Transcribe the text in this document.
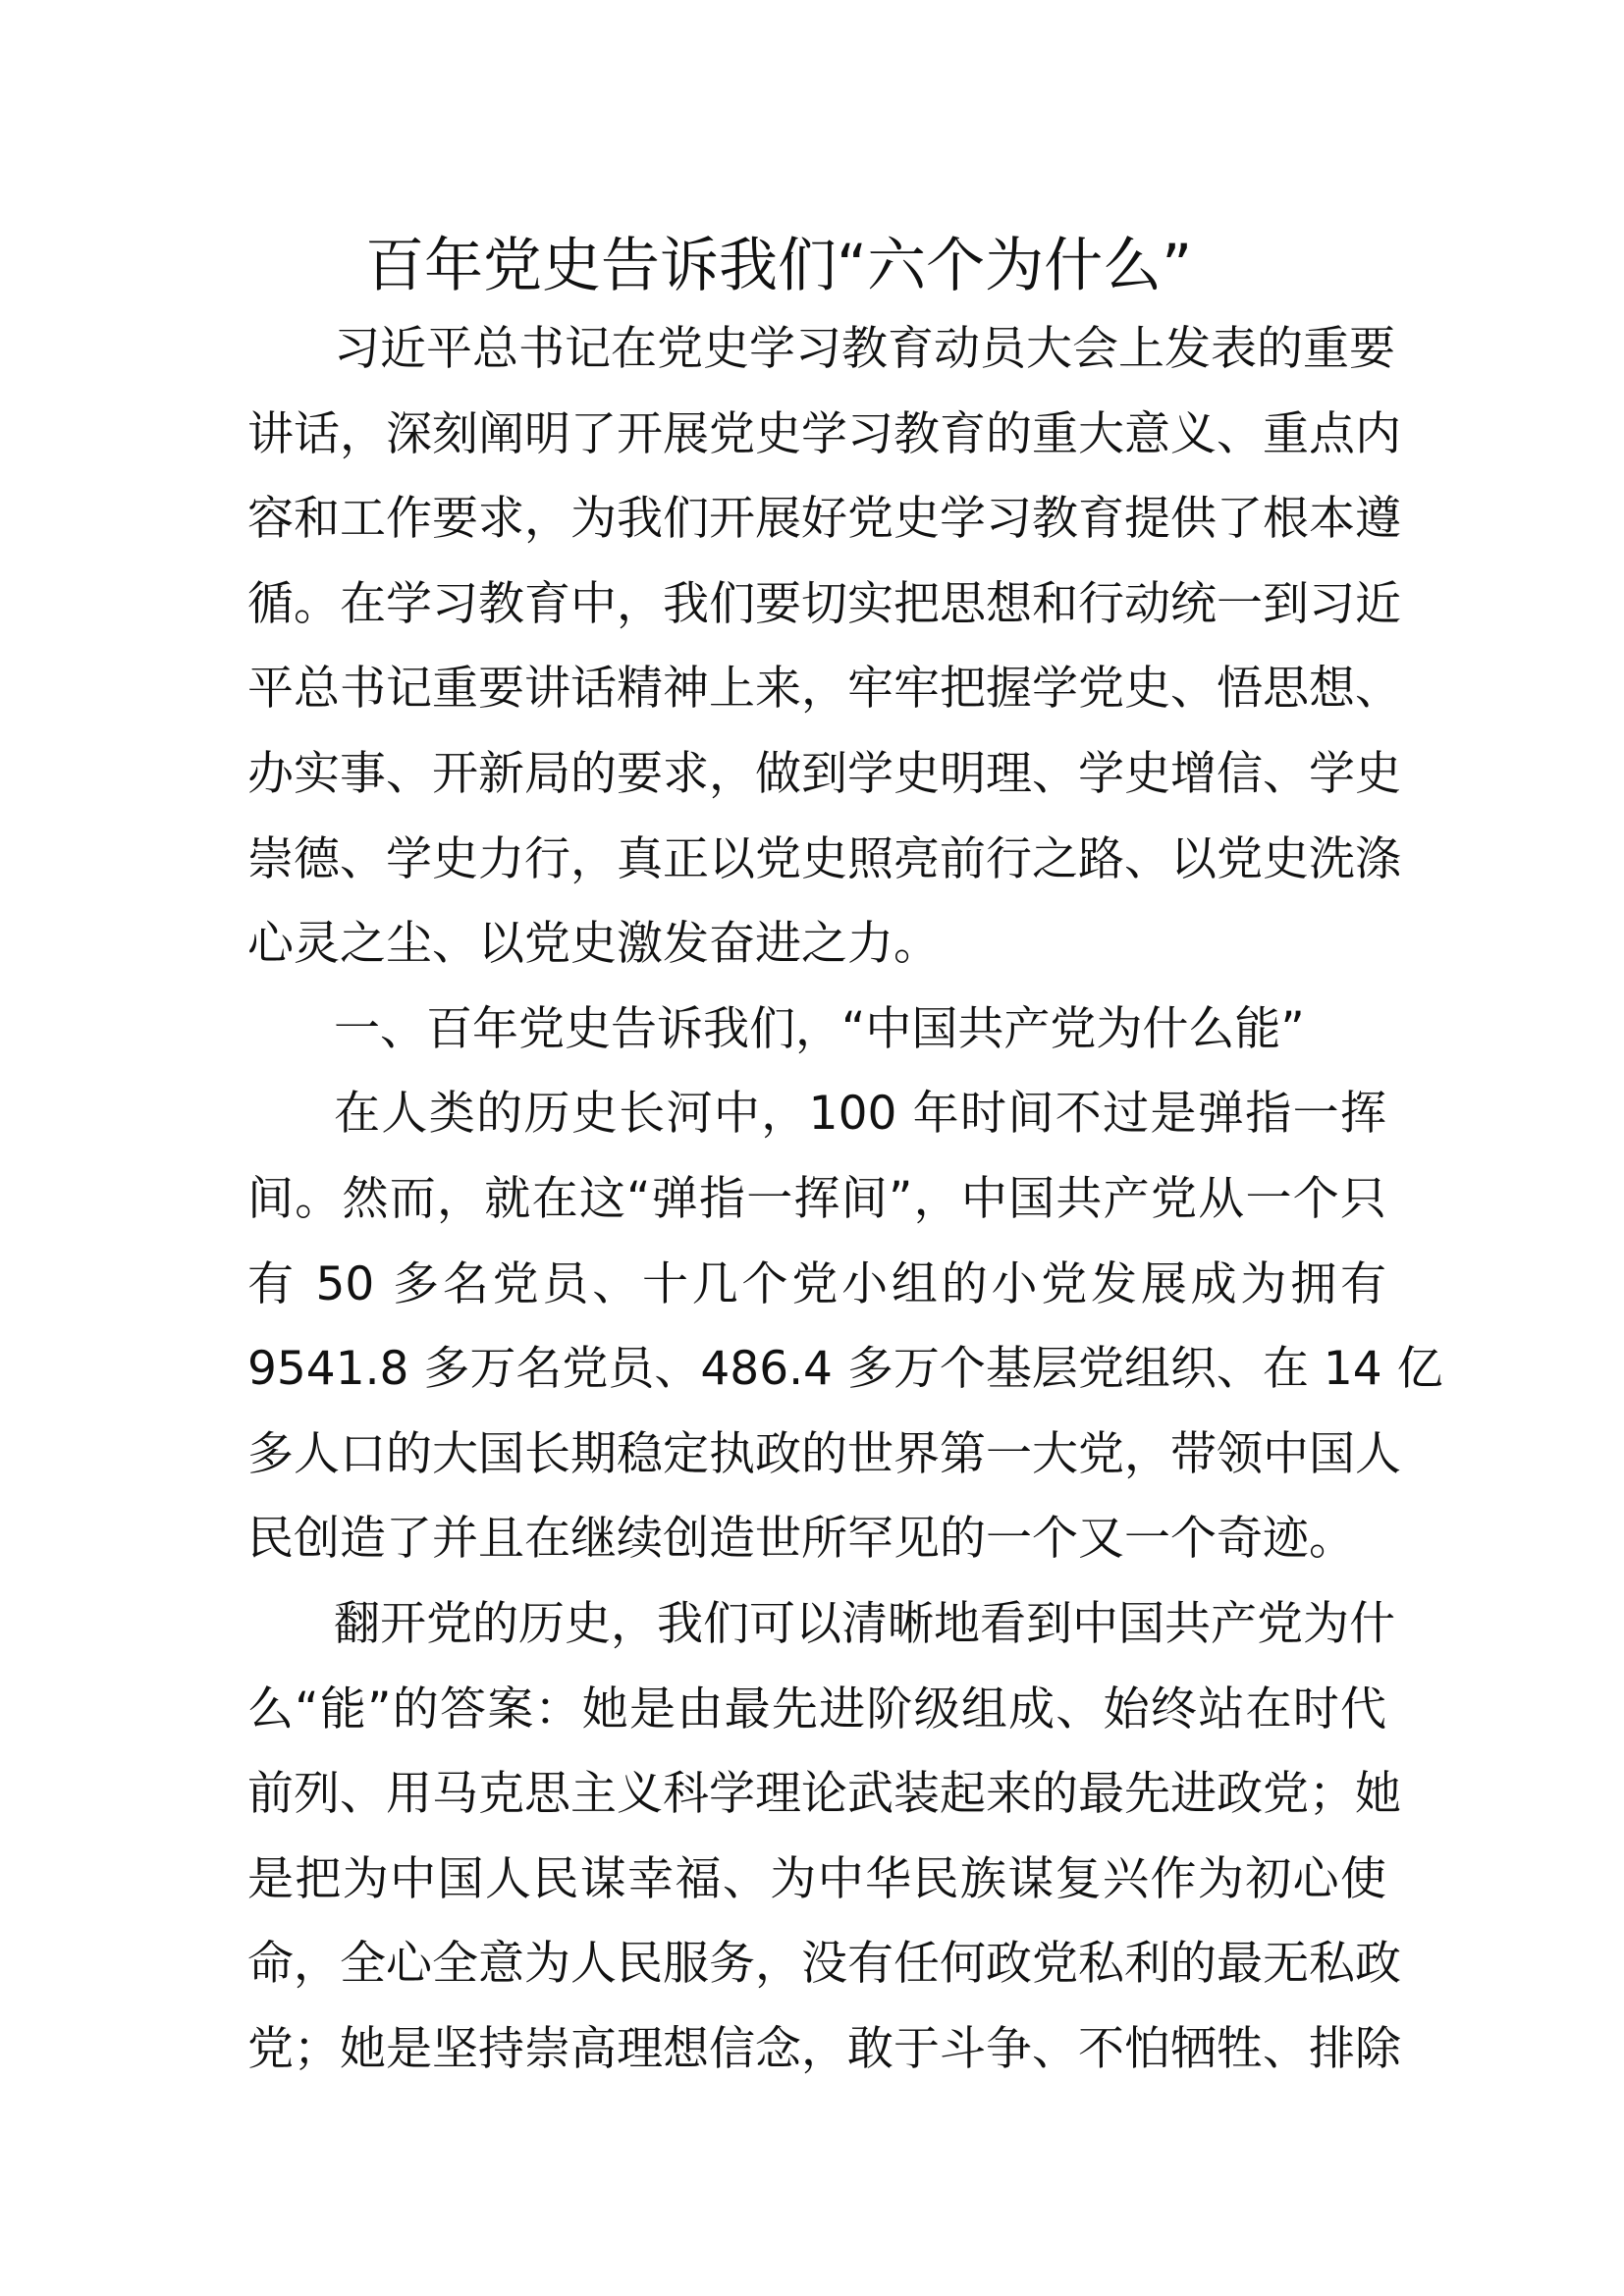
百年党史告诉我们“六个为什么”
习近平总书记在党史学习教育动员大会上发表的重要
讲话，深刻阐明了开展党史学习教育的重大意义、重点内
容和工作要求，为我们开展好党史学习教育提供了根本遵
循。在学习教育中，我们要切实把思想和行动统一到习近
平总书记重要讲话精神上来，牢牢把握学党史、悟思想、
办实事、开新局的要求，做到学史明理、学史增信、学史
崇德、学史力行，真正以党史照亮前行之路、以党史洗涤
心灵之尘、以党史激发奋进之力。
一、百年党史告诉我们，“中国共产党为什么能”
在人类的历史长河中，100 年时间不过是弹指一挥
间。然而，就在这“弹指一挥间”，中国共产党从一个只
有 50 多名党员、十几个党小组的小党发展成为拥有
9541.8 多万名党员、486.4 多万个基层党组织、在 14 亿
多人口的大国长期稳定执政的世界第一大党，带领中国人
民创造了并且在继续创造世所罕见的一个又一个奇迹。
翻开党的历史，我们可以清晰地看到中国共产党为什
么“能”的答案：她是由最先进阶级组成、始终站在时代
前列、用马克思主义科学理论武装起来的最先进政党；她
是把为中国人民谋幸福、为中华民族谋复兴作为初心使
命，全心全意为人民服务，没有任何政党私利的最无私政
党；她是坚持崇高理想信念，敢于斗争、不怕牺牲、排除
